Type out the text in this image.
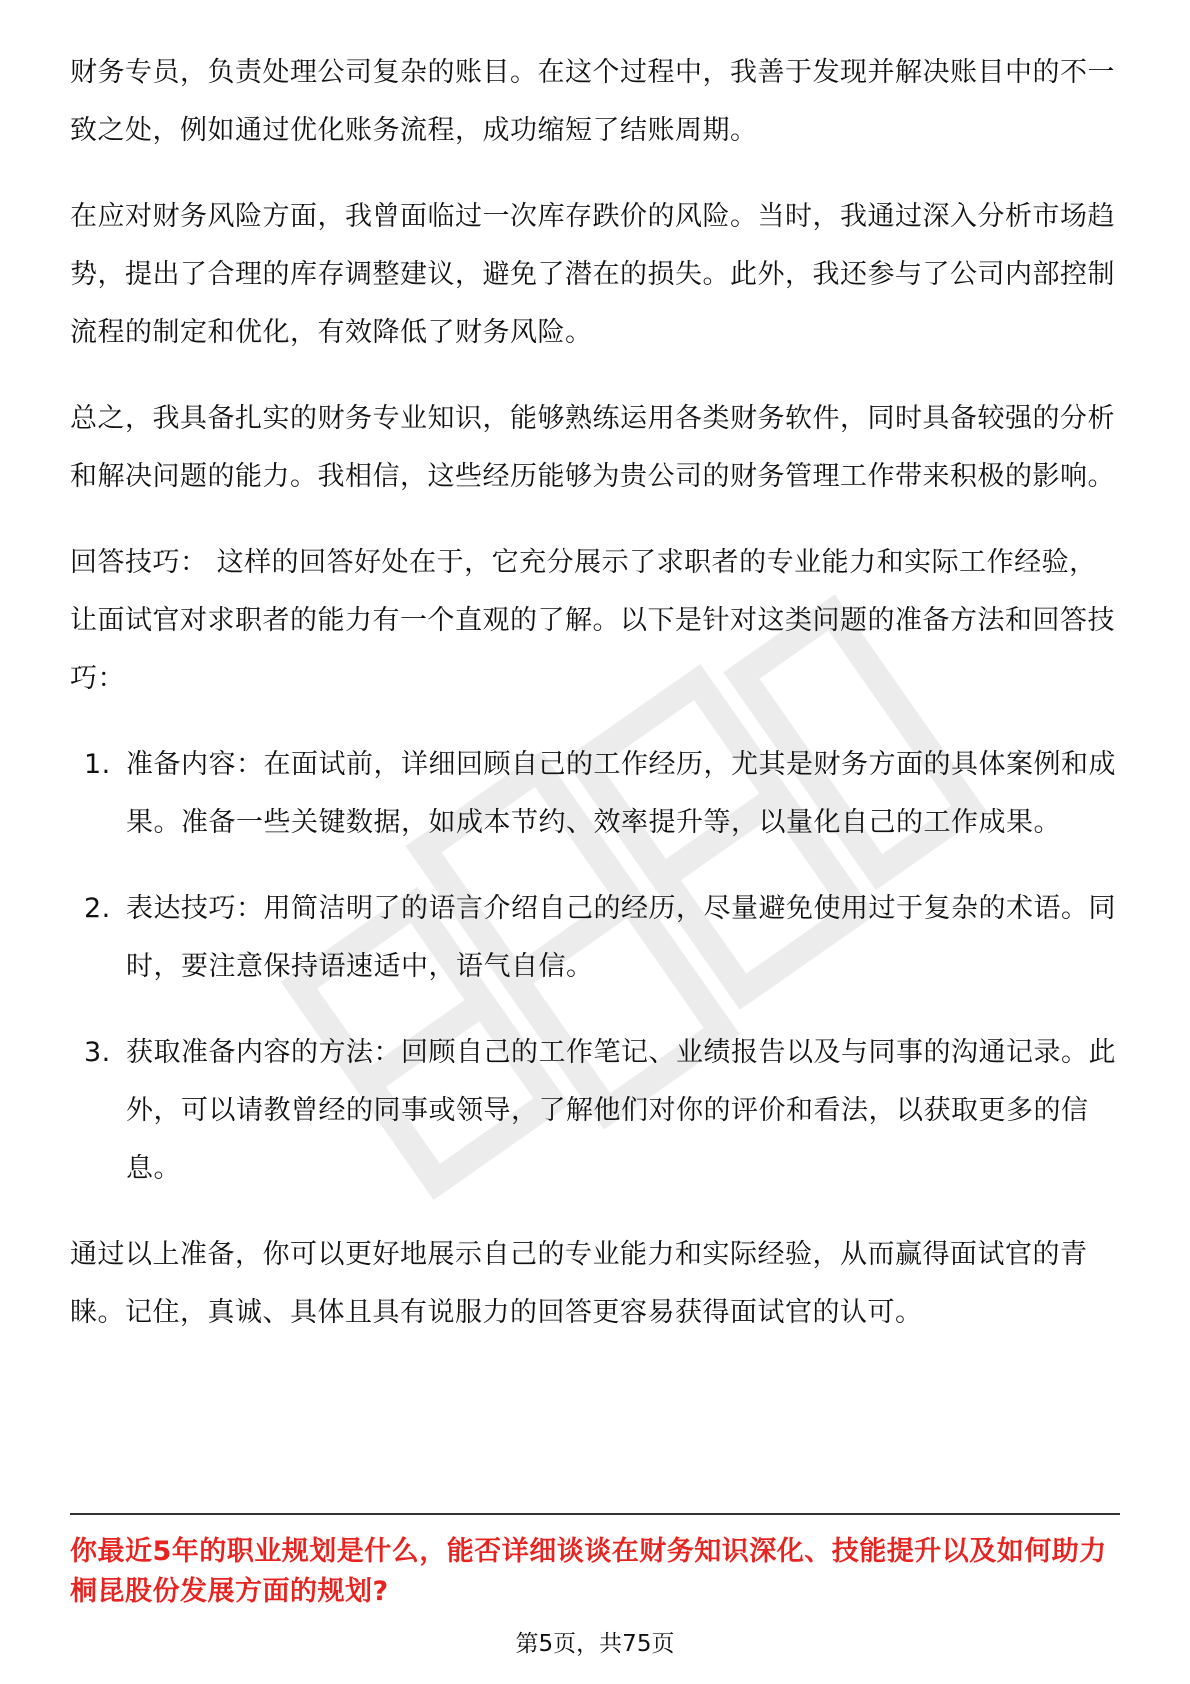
财务专员，负责处理公司复杂的账目。在这个过程中，我善于发现并解决账目中的不一致之处，例如通过优化账务流程，成功缩短了结账周期。

在应对财务风险方面，我曾面临过一次库存跌价的风险。当时，我通过深入分析市场趋势，提出了合理的库存调整建议，避免了潜在的损失。此外，我还参与了公司内部控制流程的制定和优化，有效降低了财务风险。

总之，我具备扎实的财务专业知识，能够熟练运用各类财务软件，同时具备较强的分析和解决问题的能力。我相信，这些经历能够为贵公司的财务管理工作带来积极的影响。

回答技巧： 这样的回答好处在于，它充分展示了求职者的专业能力和实际工作经验，让面试官对求职者的能力有一个直观的了解。以下是针对这类问题的准备方法和回答技巧：

1. 准备内容：在面试前，详细回顾自己的工作经历，尤其是财务方面的具体案例和成果。准备一些关键数据，如成本节约、效率提升等，以量化自己的工作成果。
2. 表达技巧：用简洁明了的语言介绍自己的经历，尽量避免使用过于复杂的术语。同时，要注意保持语速适中，语气自信。
3. 获取准备内容的方法：回顾自己的工作笔记、业绩报告以及与同事的沟通记录。此外，可以请教曾经的同事或领导，了解他们对你的评价和看法，以获取更多的信息。

通过以上准备，你可以更好地展示自己的专业能力和实际经验，从而赢得面试官的青睐。记住，真诚、具体且具有说服力的回答更容易获得面试官的认可。

你最近5年的职业规划是什么，能否详细谈谈在财务知识深化、技能提升以及如何助力桐昆股份发展方面的规划?
第5页，共75页
